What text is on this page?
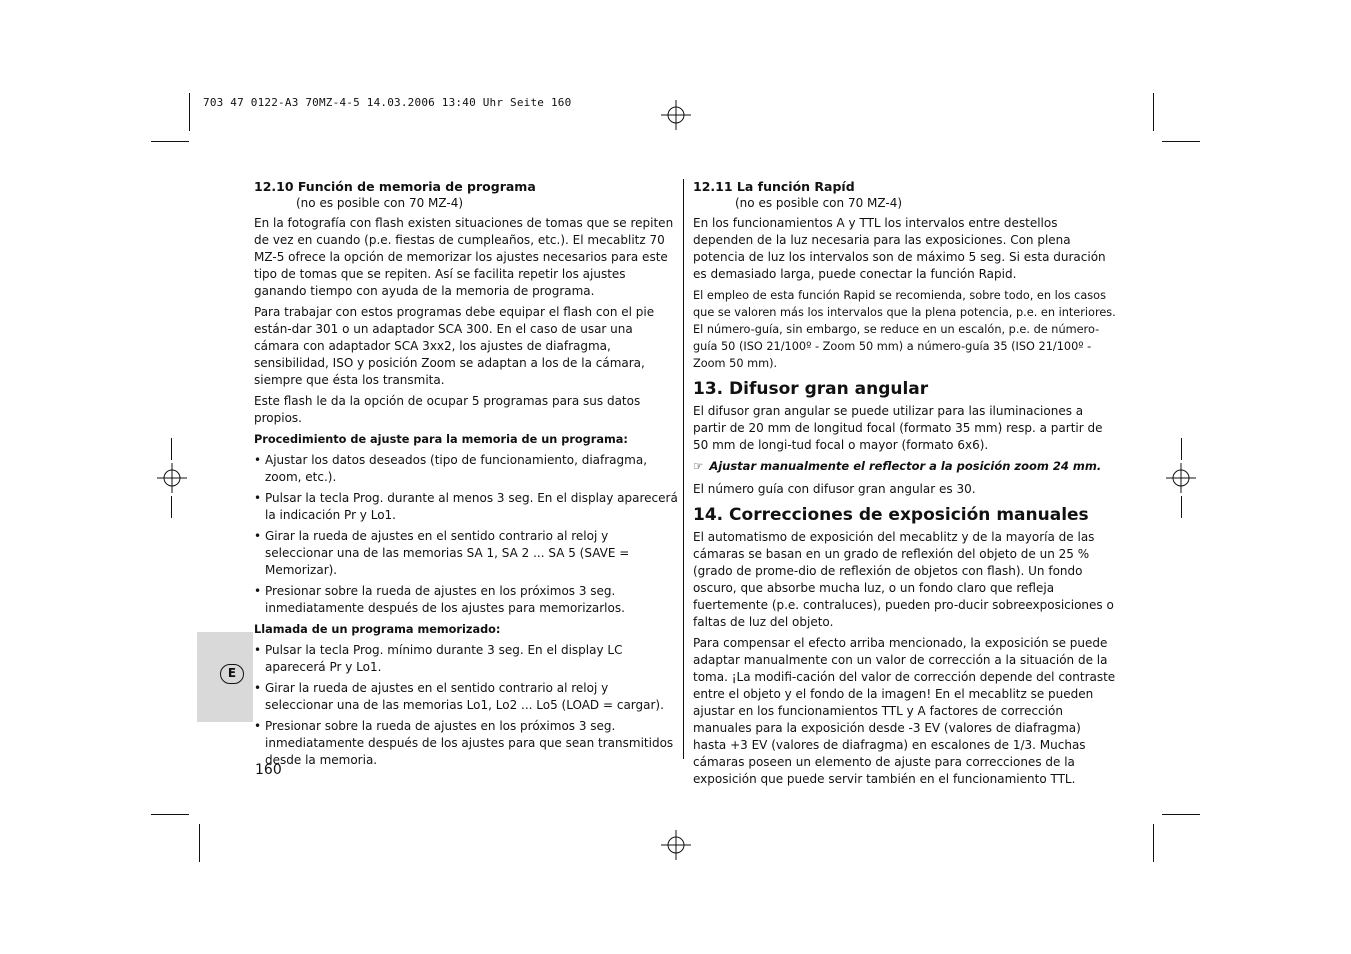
703 47 0122-A3 70MZ-4-5 14.03.2006 13:40 Uhr Seite 160
12.10 Función de memoria de programa
(no es posible con 70 MZ-4)

En la fotografía con flash existen situaciones de tomas que se repiten de vez en cuando (p.e. fiestas de cumpleaños, etc.). El mecablitz 70 MZ-5 ofrece la opción de memorizar los ajustes necesarios para este tipo de tomas que se repiten. Así se facilita repetir los ajustes ganando tiempo con ayuda de la memoria de programa.

Para trabajar con estos programas debe equipar el flash con el pie están-dar 301 o un adaptador SCA 300. En el caso de usar una cámara con adaptador SCA 3xx2, los ajustes de diafragma, sensibilidad, ISO y posición Zoom se adaptan a los de la cámara, siempre que ésta los transmita.

Este flash le da la opción de ocupar 5 programas para sus datos propios.

Procedimiento de ajuste para la memoria de un programa:
• Ajustar los datos deseados (tipo de funcionamiento, diafragma, zoom, etc.).
• Pulsar la tecla Prog. durante al menos 3 seg. En el display aparecerá la indicación Pr y Lo1.
• Girar la rueda de ajustes en el sentido contrario al reloj y seleccionar una de las memorias SA 1, SA 2 ... SA 5 (SAVE = Memorizar).
• Presionar sobre la rueda de ajustes en los próximos 3 seg. inmediatamente después de los ajustes para memorizarlos.
Llamada de un programa memorizado:
• Pulsar la tecla Prog. mínimo durante 3 seg. En el display LC aparecerá Pr y Lo1.
• Girar la rueda de ajustes en el sentido contrario al reloj y seleccionar una de las memorias Lo1, Lo2 ... Lo5 (LOAD = cargar).
• Presionar sobre la rueda de ajustes en los próximos 3 seg. inmediatamente después de los ajustes para que sean transmitidos desde la memoria.
12.11 La función Rapíd
(no es posible con 70 MZ-4)

En los funcionamientos A y TTL los intervalos entre destellos dependen de la luz necesaria para las exposiciones. Con plena potencia de luz los intervalos son de máximo 5 seg. Si esta duración es demasiado larga, puede conectar la función Rapid.

El empleo de esta función Rapid se recomienda, sobre todo, en los casos que se valoren más los intervalos que la plena potencia, p.e. en interiores. El número-guía, sin embargo, se reduce en un escalón, p.e. de número-guía 50 (ISO 21/100º - Zoom 50 mm) a número-guía 35 (ISO 21/100º - Zoom 50 mm).

13. Difusor gran angular

El difusor gran angular se puede utilizar para las iluminaciones a partir de 20 mm de longitud focal (formato 35 mm) resp. a partir de 50 mm de longi-tud focal o mayor (formato 6x6).

☞ Ajustar manualmente el reflector a la posición zoom 24 mm.

El número guía con difusor gran angular es 30.

14. Correcciones de exposición manuales

El automatismo de exposición del mecablitz y de la mayoría de las cámaras se basan en un grado de reflexión del objeto de un 25 % (grado de prome-dio de reflexión de objetos con flash). Un fondo oscuro, que absorbe mucha luz, o un fondo claro que refleja fuertemente (p.e. contraluces), pueden pro-ducir sobreexposiciones o faltas de luz del objeto.

Para compensar el efecto arriba mencionado, la exposición se puede adaptar manualmente con un valor de corrección a la situación de la toma. ¡La modifi-cación del valor de corrección depende del contraste entre el objeto y el fondo de la imagen! En el mecablitz se pueden ajustar en los funcionamientos TTL y A factores de corrección manuales para la exposición desde -3 EV (valores de diafragma) hasta +3 EV (valores de diafragma) en escalones de 1/3. Muchas cámaras poseen un elemento de ajuste para correcciones de la exposición que puede servir también en el funcionamiento TTL.

E
160
